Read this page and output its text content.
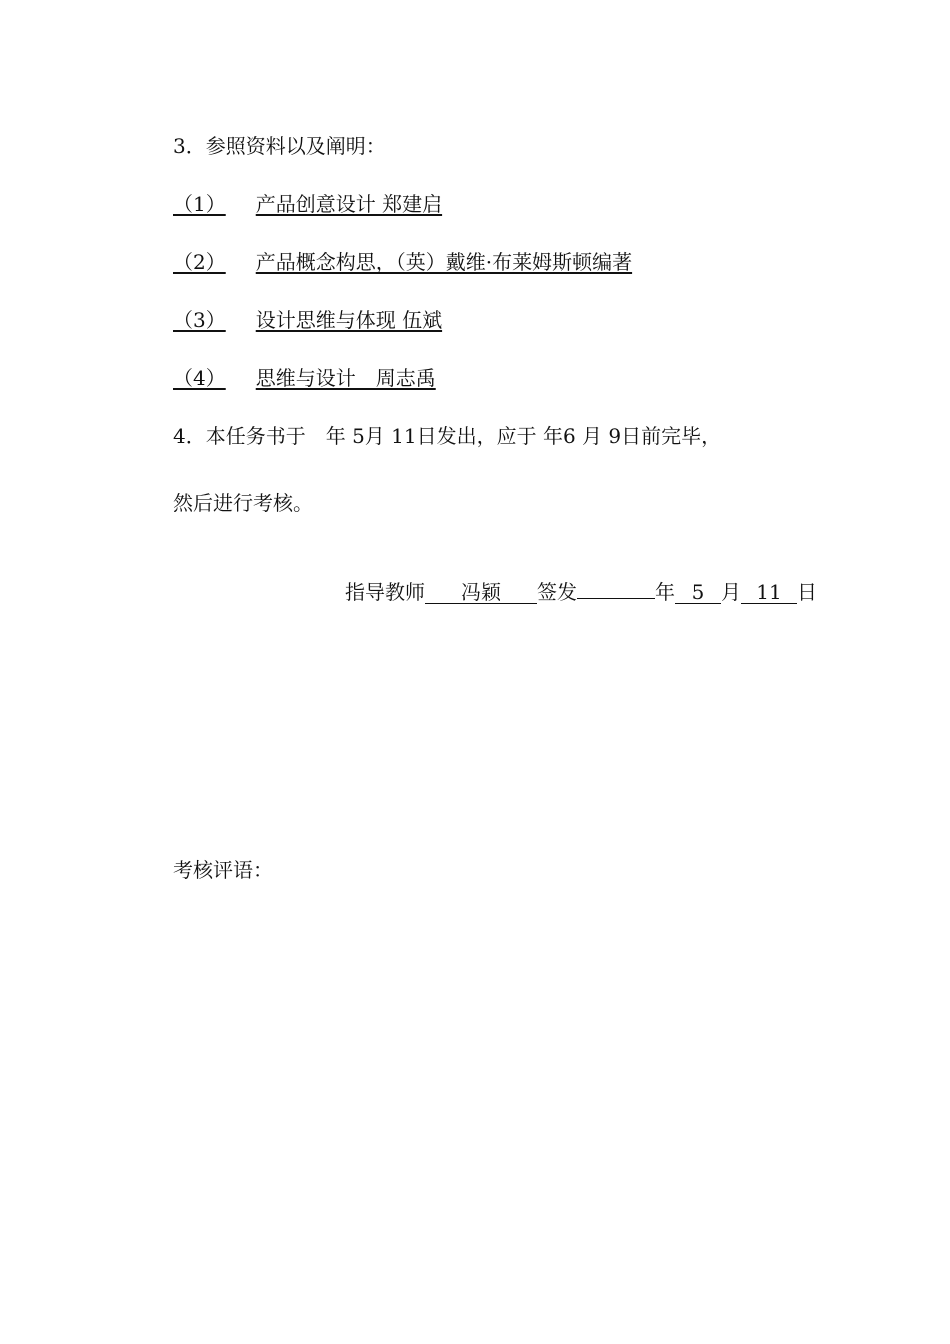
3．参照资料以及阐明：
（1） 产品创意设计 郑建启
（2） 产品概念构思，（英）戴维·布莱姆斯顿编著
（3） 设计思维与体现 伍斌
（4） 思维与设计　周志禹
4．本任务书于　年 5月 11日发出，应于 年6 月 9日前完毕，
然后进行考核。
指导教师 冯颖 签发	年 5 月 11 日
考核评语：
